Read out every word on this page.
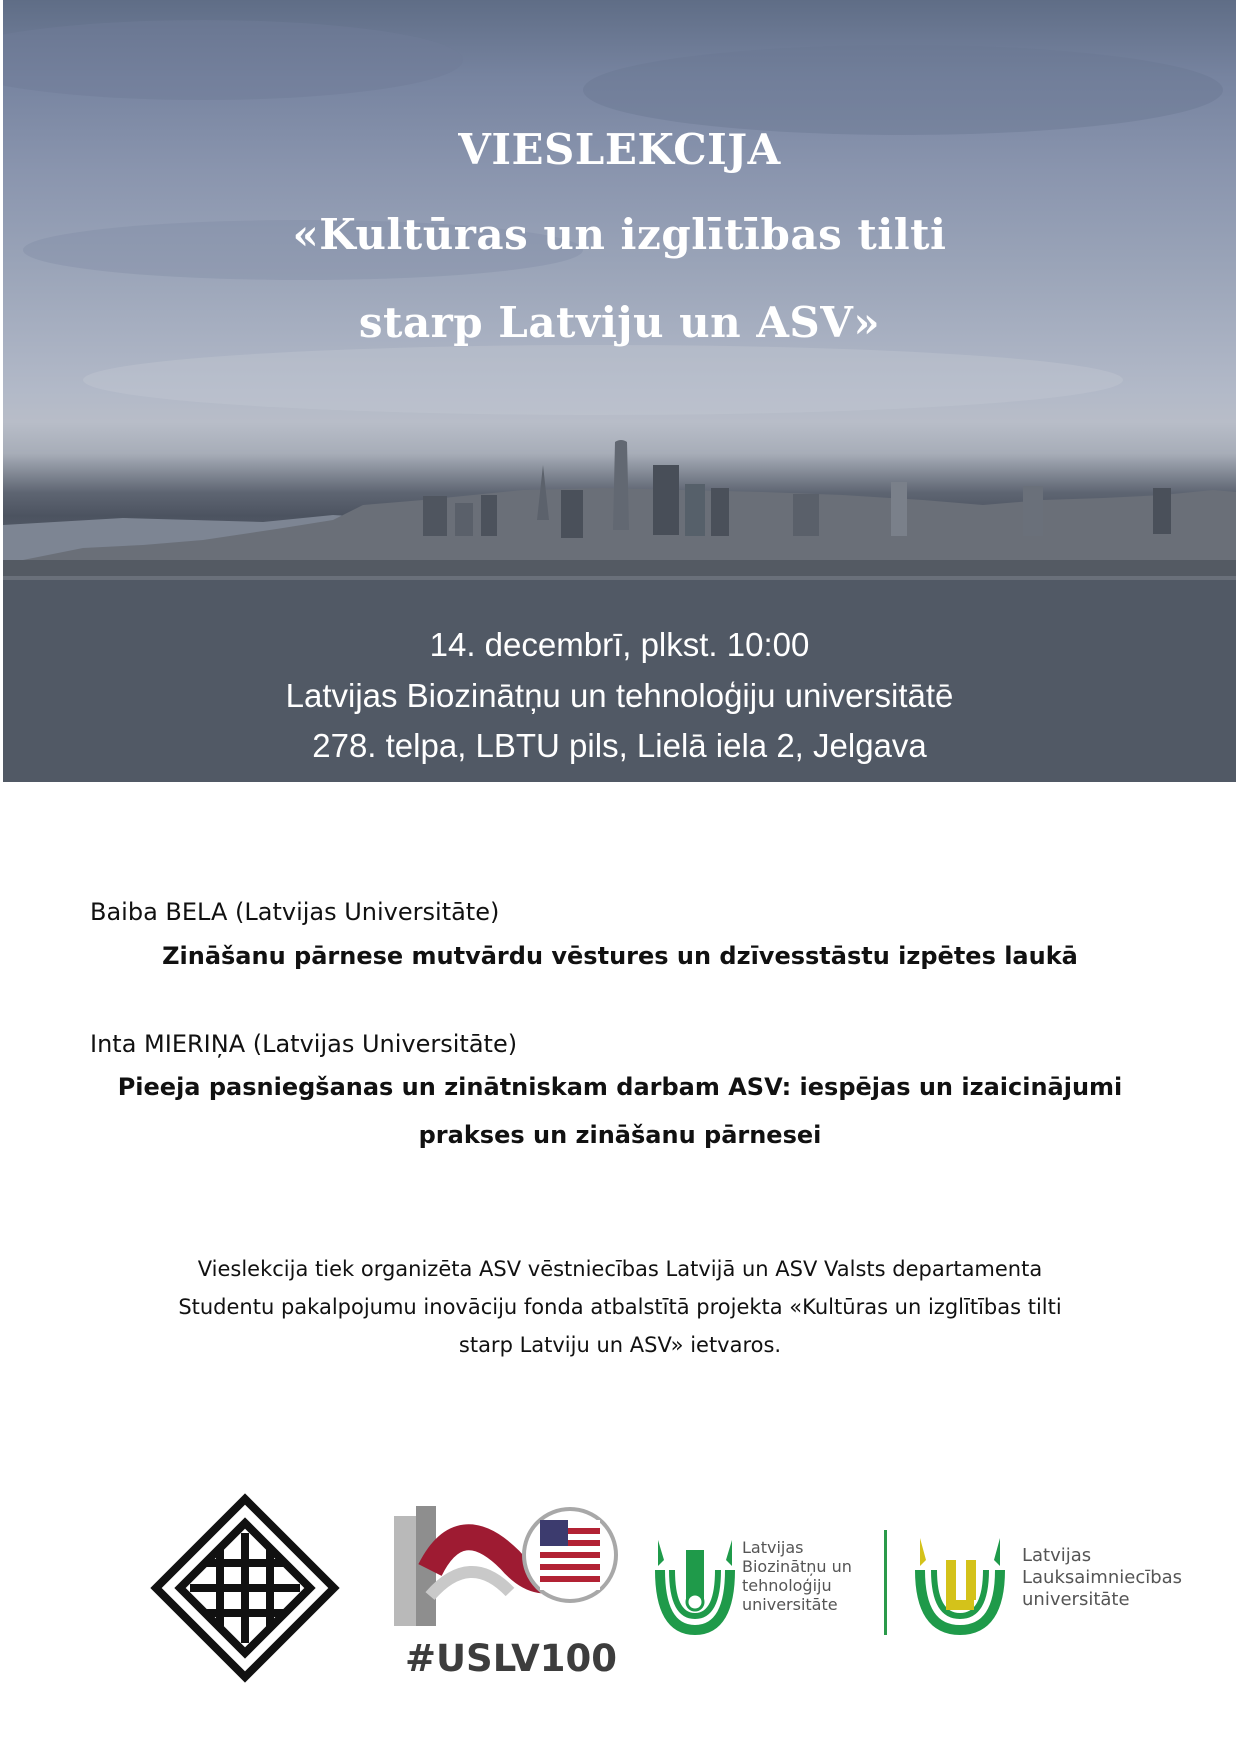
VIESLEKCIJA
«Kultūras un izglītības tilti
starp Latviju un ASV»
14. decembrī, plkst. 10:00
Latvijas Biozinātņu un tehnoloģiju universitātē
278. telpa, LBTU pils, Lielā iela 2, Jelgava
Baiba BELA (Latvijas Universitāte)
Zināšanu pārnese mutvārdu vēstures un dzīvesstāstu izpētes laukā
Inta MIERIŅA (Latvijas Universitāte)
Pieeja pasniegšanas un zinātniskam darbam ASV: iespējas un izaicinājumi
prakses un zināšanu pārnesei

Vieslekcija tiek organizēta ASV vēstniecības Latvijā un ASV Valsts departamenta

Studentu pakalpojumu inovāciju fonda atbalstītā projekta «Kultūras un izglītības tilti

starp Latviju un ASV» ietvaros.

#USLV100
Latvijas
Biozinātņu un
tehnoloģiju
universitāte
Latvijas
Lauksaimniecības
universitāte
